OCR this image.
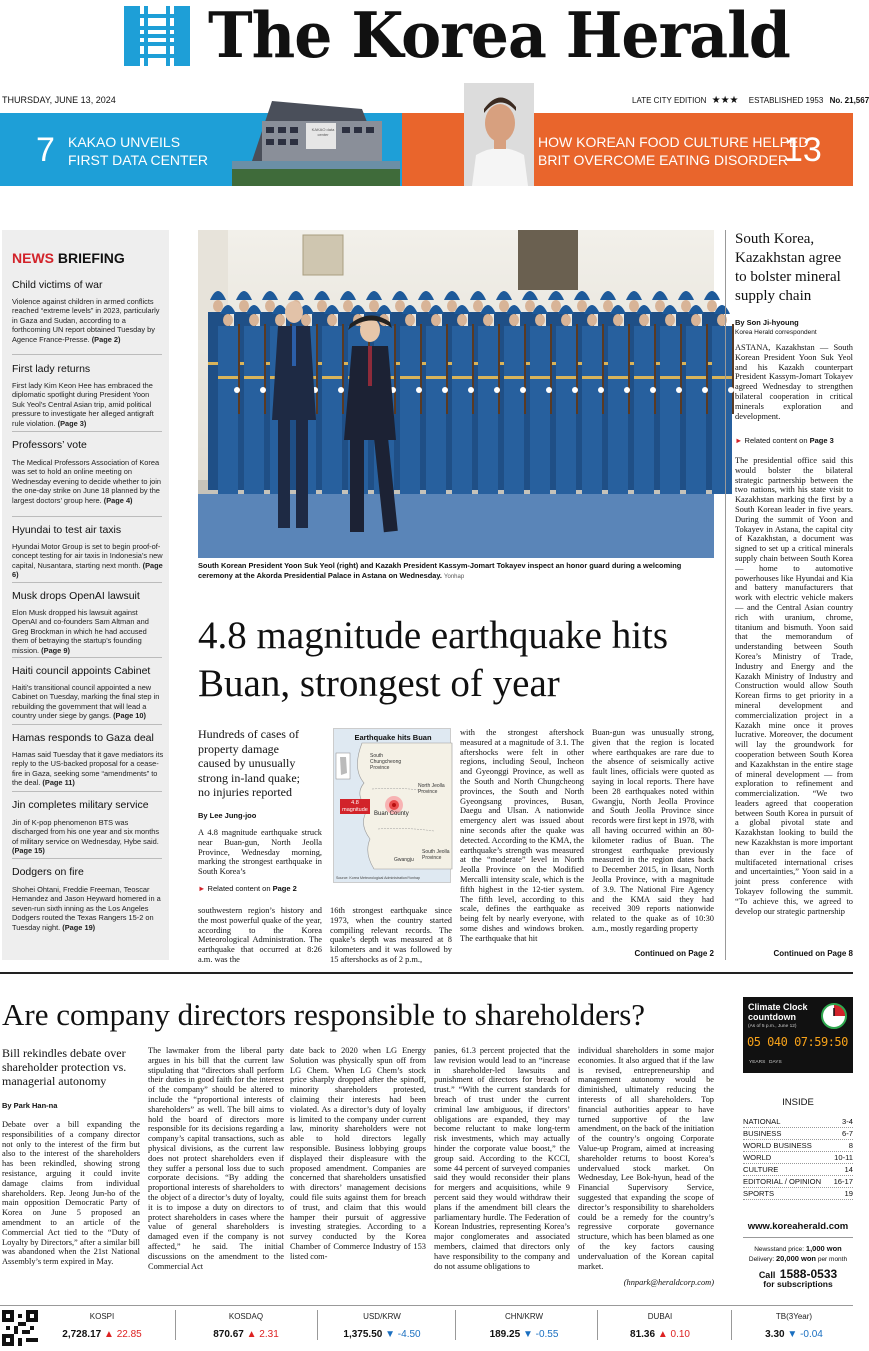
The Korea Herald
THURSDAY, JUNE 13, 2024	LATE CITY EDITION ★★★ ESTABLISHED 1953 No. 21,567
7 KAKAO UNVEILS
FIRST DATA CENTER
KAKAO data center	HOW KOREAN FOOD CULTURE HELPED
BRIT OVERCOME EATING DISORDER
13
NEWS BRIEFING
Child victims of war
Violence against children in armed conflicts reached “extreme levels” in 2023, particularly in Gaza and Sudan, according to a forthcoming UN report obtained Tuesday by Agence France-Presse. (Page 2)
First lady returns
First lady Kim Keon Hee has embraced the diplomatic spotlight during President Yoon Suk Yeol’s Central Asian trip, amid political pressure to investigate her alleged antigraft rule violation. (Page 3)
Professors’ vote
The Medical Professors Association of Korea was set to hold an online meeting on Wednesday evening to decide whether to join the one-day strike on June 18 planned by the largest doctors’ group here. (Page 4)
Hyundai to test air taxis
Hyundai Motor Group is set to begin proof-of-concept testing for air taxis in Indonesia’s new capital, Nusantara, starting next month. (Page 6)
Musk drops OpenAI lawsuit
Elon Musk dropped his lawsuit against OpenAI and co-founders Sam Altman and Greg Brockman in which he had accused them of betraying the startup’s founding mission. (Page 9)
Haiti council appoints Cabinet
Haiti’s transitional council appointed a new Cabinet on Tuesday, marking the final step in rebuilding the government that will lead a country under siege by gangs. (Page 10)
Hamas responds to Gaza deal
Hamas said Tuesday that it gave mediators its reply to the US-backed proposal for a cease-fire in Gaza, seeking some “amendments” to the deal. (Page 11)
Jin completes military service
Jin of K-pop phenomenon BTS was discharged from his one year and six months of military service on Wednesday, Hybe said. (Page 15)
Dodgers on fire
Shohei Ohtani, Freddie Freeman, Teoscar Hernandez and Jason Heyward homered in a seven-run sixth inning as the Los Angeles Dodgers routed the Texas Rangers 15-2 on Tuesday night. (Page 19)
South Korean President Yoon Suk Yeol (right) and Kazakh President Kassym-Jomart Tokayev inspect an honor guard during a welcoming ceremony at the Akorda Presidential Palace in Astana on Wednesday. Yonhap
South Korea, Kazakhstan agree to bolster mineral supply chain
By Son Ji-hyoung
Korea Herald correspondent
ASTANA, Kazakhstan — South Korean President Yoon Suk Yeol and his Kazakh counterpart President Kassym-Jomart Tokayev agreed Wednesday to strengthen bilateral cooperation in critical minerals exploration and development.
► Related content on Page 3
The presidential office said this would bolster the bilateral strategic partnership between the two nations, with his state visit to Kazakhstan marking the first by a South Korean leader in five years. During the summit of Yoon and Tokayev in Astana, the capital city of Kazakhstan, a document was signed to set up a critical minerals supply chain between South Korea — home to automotive powerhouses like Hyundai and Kia and battery manufacturers that work with electric vehicle makers — and the Central Asian country rich with uranium, chrome, titanium and bismuth. Yoon said that the memorandum of understanding between South Korea’s Ministry of Trade, Industry and Energy and the Kazakh Ministry of Industry and Construction would allow South Korean firms to get priority in a mineral development and commercialization project in a Kazakh mine once it proves lucrative. Moreover, the document will lay the groundwork for cooperation between South Korea and Kazakhstan in the entire stage of mineral development — from exploration to refinement and commercialization. “We two leaders agreed that cooperation between South Korea in pursuit of a global pivotal state and Kazakhstan looking to build the new Kazakhstan is more important than ever in the face of multifaceted international crises and uncertainties,” Yoon said in a joint press conference with Tokayev following the summit. “To achieve this, we agreed to develop our strategic partnership
Continued on Page 8
4.8 magnitude earthquake hits Buan, strongest of year
Hundreds of cases of property damage caused by unusually strong in-land quake; no injuries reported
By Lee Jung-joo
A 4.8 magnitude earthquake struck near Buan-gun, North Jeolla Province, Wednesday morning, marking the strongest earthquake in South Korea’s
► Related content on Page 2
southwestern region’s history and the most powerful quake of the year, according to the Korea Meteorological Administration. The earthquake that occurred at 8:26 a.m. was the
16th strongest earthquake since 1973, when the country started compiling relevant records. The quake’s depth was measured at 8 kilometers and it was followed by 15 aftershocks as of 2 p.m.,
Earthquake hits Buan
South Chungcheong Province
North Jeolla Province
4.8 magnitude
Buan County
Gwangju
South Jeolla Province
Source: Korea Meteorological Administration/Yonhap
with the strongest aftershock measured at a magnitude of 3.1. The aftershocks were felt in other regions, including Seoul, Incheon and Gyeonggi Province, as well as the South and North Chungcheong provinces, the South and North Gyeongsang provinces, Busan, Daegu and Ulsan. A nationwide emergency alert was issued about nine seconds after the quake was detected. According to the KMA, the earthquake’s strength was measured at the “moderate” level in North Jeolla Province on the Modified Mercalli intensity scale, which is the fifth highest in the 12-tier system. The fifth level, according to this scale, defines the earthquake as being felt by nearly everyone, with some dishes and windows broken. The earthquake that hit
Buan-gun was unusually strong, given that the region is located where earthquakes are rare due to the absence of seismically active fault lines, officials were quoted as saying in local reports. There have been 28 earthquakes noted within Gwangju, North Jeolla Province and South Jeolla Province since records were first kept in 1978, with all having occurred within an 80-kilometer radius of Buan. The strongest earthquake previously measured in the region dates back to December 2015, in Iksan, North Jeolla Province, with a magnitude of 3.9. The National Fire Agency and the KMA said they had received 309 reports nationwide related to the quake as of 10:30 a.m., mostly regarding property
Continued on Page 2
Are company directors responsible to shareholders?
Bill rekindles debate over shareholder protection vs. managerial autonomy
By Park Han-na
Debate over a bill expanding the responsibilities of a company director not only to the interest of the firm but also to the interest of the shareholders has been rekindled, showing strong resistance, arguing it could invite damage claims from individual shareholders. Rep. Jeong Jun-ho of the main opposition Democratic Party of Korea on June 5 proposed an amendment to an article of the Commercial Act tied to the “Duty of Loyalty by Directors,” after a similar bill was abandoned when the 21st National Assembly’s term expired in May.
The lawmaker from the liberal party argues in his bill that the current law stipulating that “directors shall perform their duties in good faith for the interest of the company” should be altered to include the “proportional interests of shareholders” as well. The bill aims to hold the board of directors more responsible for its decisions regarding a company’s capital transactions, such as physical divisions, as the current law does not protect shareholders even if they suffer a personal loss due to such corporate decisions. “By adding the proportional interests of shareholders to the object of a director’s duty of loyalty, it is to impose a duty on directors to protect shareholders in cases where the value of general shareholders is damaged even if the company is not affected,” he said. The initial discussions on the amendment to the Commercial Act
date back to 2020 when LG Energy Solution was physically spun off from LG Chem. When LG Chem’s stock price sharply dropped after the spinoff, minority shareholders protested, claiming their interests had been violated. As a director’s duty of loyalty is limited to the company under current law, minority shareholders were not able to hold directors legally responsible. Business lobbying groups displayed their displeasure with the proposed amendment. Companies are concerned that shareholders unsatisfied with directors’ management decisions could file suits against them for breach of trust, and claim that this would hamper their pursuit of aggressive investing strategies. According to a survey conducted by the Korea Chamber of Commerce Industry of 153 listed com-
panies, 61.3 percent projected that the law revision would lead to an “increase in shareholder-led lawsuits and punishment of directors for breach of trust.” “With the current standards for breach of trust under the current criminal law ambiguous, if directors’ obligations are expanded, they may become reluctant to make long-term risk investments, which may actually hinder the corporate value boost,” the group said. According to the KCCI, some 44 percent of surveyed companies said they would reconsider their plans for mergers and acquisitions, while 9 percent said they would withdraw their plans if the amendment bill clears the parliamentary hurdle. The Federation of Korean Industries, representing Korea’s major conglomerates and associated members, claimed that directors only have responsibility to the company and do not assume obligations to
individual shareholders in some major economies. It also argued that if the law is revised, entrepreneurship and management autonomy would be diminished, ultimately reducing the interests of all shareholders. Top financial authorities appear to have turned supportive of the law amendment, on the back of the initiation of the country’s ongoing Corporate Value-up Program, aimed at increasing shareholder returns to boost Korea’s undervalued stock market. On Wednesday, Lee Bok-hyun, head of the Financial Supervisory Service, suggested that expanding the scope of director’s responsibility to shareholders could be a remedy for the country’s regressive corporate governance structure, which has been blamed as one of the key factors causing undervaluation of the Korean capital market.
(hnpark@heraldcorp.com)
Climate Clock countdown
(As of 5 p.m., June 12)
05 040 07:59:50
YEARS DAYS
INSIDE
NATIONAL	3-4
BUSINESS	6-7
WORLD BUSINESS	8
WORLD	10-11
CULTURE	14
EDITORIAL / OPINION 16-17
SPORTS	19
www.koreaherald.com
Newsstand price: 1,000 won
Delivery: 20,000 won per month
Call 1588-0533
for subscriptions
KOSPI
2,728.17 ▲ 22.85
KOSDAQ
870.67 ▲ 2.31
USD/KRW
1,375.50 ▼ -4.50
CHN/KRW
189.25 ▼ -0.55
DUBAI
81.36 ▲ 0.10
TB(3Year)
3.30 ▼ -0.04
